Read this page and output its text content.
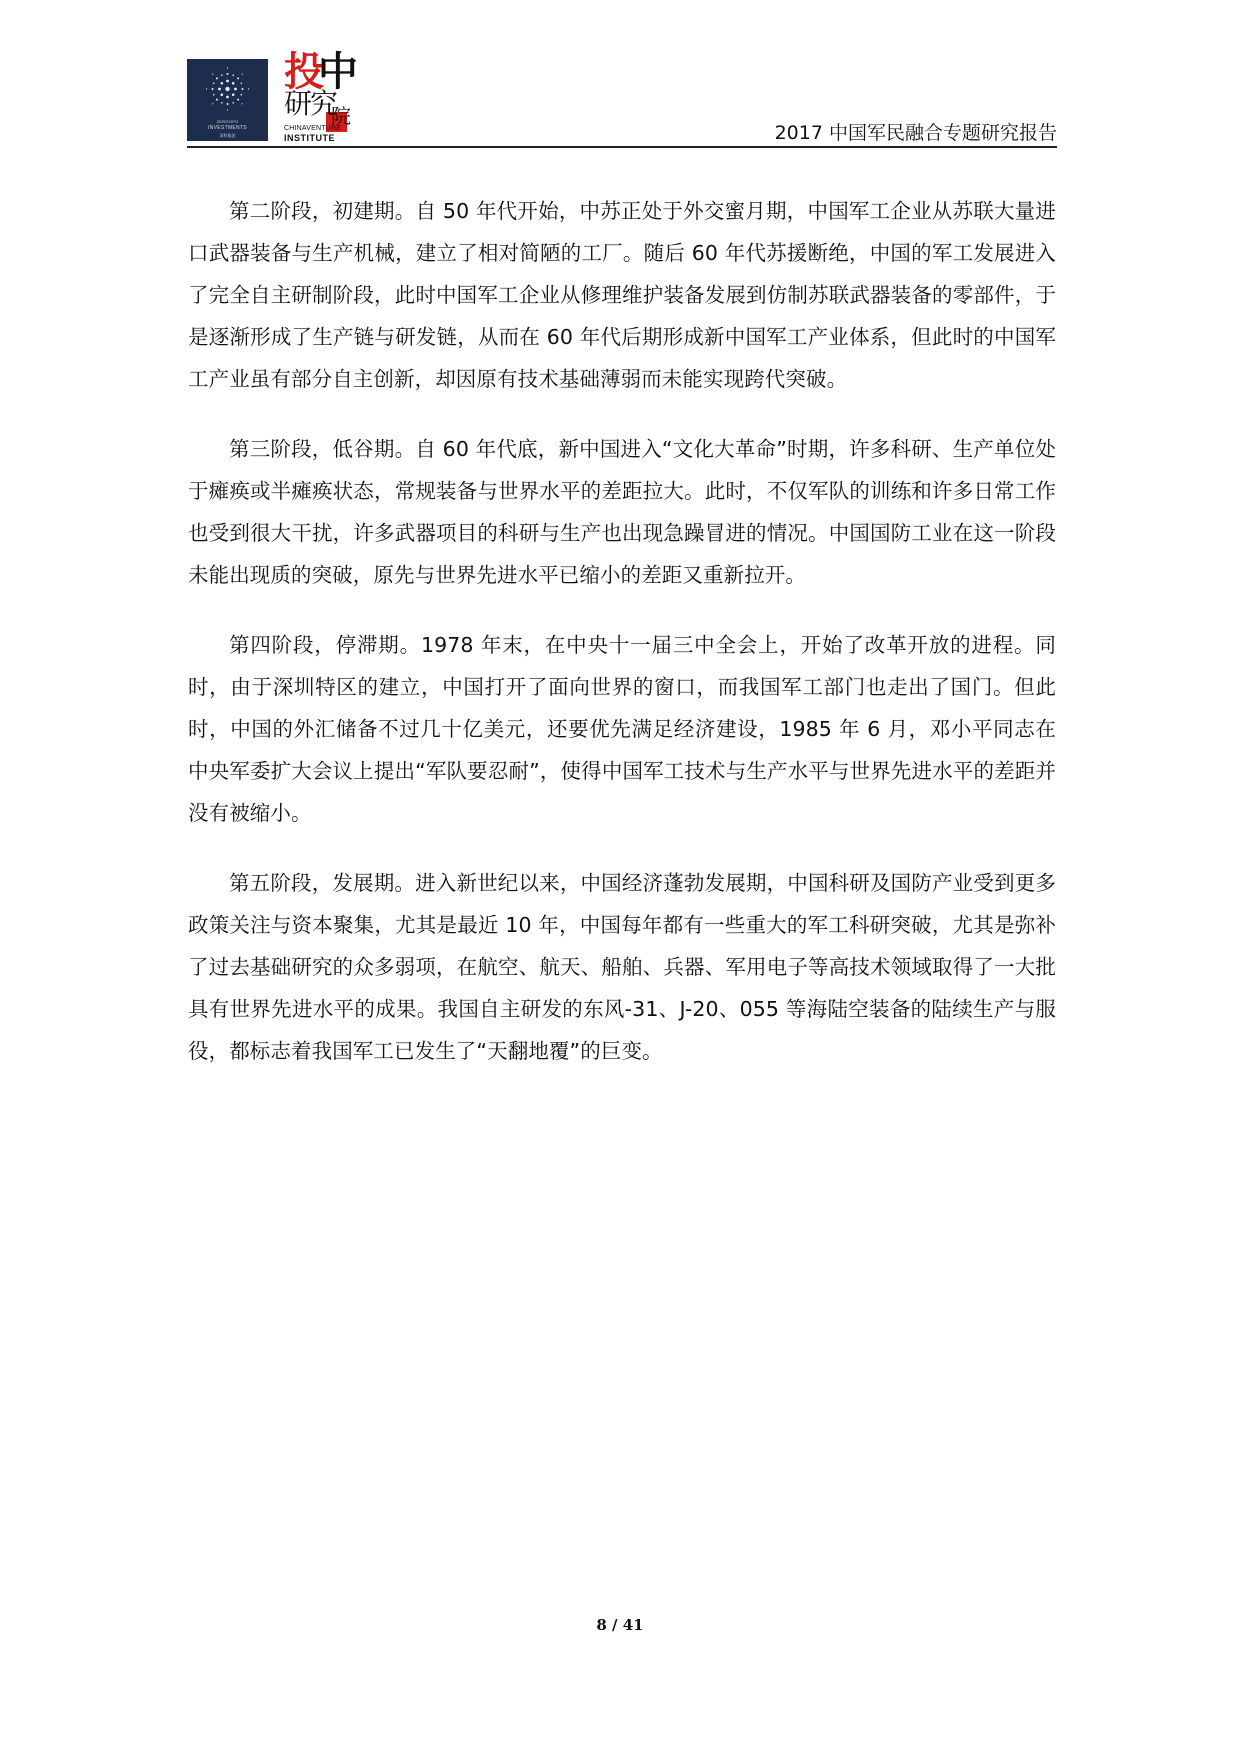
ZERO2IPO
INVESTMENTS
清科集团
投
中
研究
院
CHINAVENTURE
INSTITUTE	2017 中国军民融合专题研究报告

第二阶段，初建期。自 50 年代开始，中苏正处于外交蜜月期，中国军工企业从苏联大量进口武器装备与生产机械，建立了相对简陋的工厂。随后 60 年代苏援断绝，中国的军工发展进入了完全自主研制阶段，此时中国军工企业从修理维护装备发展到仿制苏联武器装备的零部件，于是逐渐形成了生产链与研发链，从而在 60 年代后期形成新中国军工产业体系，但此时的中国军工产业虽有部分自主创新，却因原有技术基础薄弱而未能实现跨代突破。

第三阶段，低谷期。自 60 年代底，新中国进入“文化大革命”时期，许多科研、生产单位处于瘫痪或半瘫痪状态，常规装备与世界水平的差距拉大。此时，不仅军队的训练和许多日常工作也受到很大干扰，许多武器项目的科研与生产也出现急躁冒进的情况。中国国防工业在这一阶段未能出现质的突破，原先与世界先进水平已缩小的差距又重新拉开。

第四阶段，停滞期。1978 年末，在中央十一届三中全会上，开始了改革开放的进程。同时，由于深圳特区的建立，中国打开了面向世界的窗口，而我国军工部门也走出了国门。但此时，中国的外汇储备不过几十亿美元，还要优先满足经济建设，1985 年 6 月，邓小平同志在中央军委扩大会议上提出“军队要忍耐”，使得中国军工技术与生产水平与世界先进水平的差距并没有被缩小。

第五阶段，发展期。进入新世纪以来，中国经济蓬勃发展期，中国科研及国防产业受到更多政策关注与资本聚集，尤其是最近 10 年，中国每年都有一些重大的军工科研突破，尤其是弥补了过去基础研究的众多弱项，在航空、航天、船舶、兵器、军用电子等高技术领域取得了一大批具有世界先进水平的成果。我国自主研发的东风-31、J-20、055 等海陆空装备的陆续生产与服役，都标志着我国军工已发生了“天翻地覆”的巨变。

8 / 41
